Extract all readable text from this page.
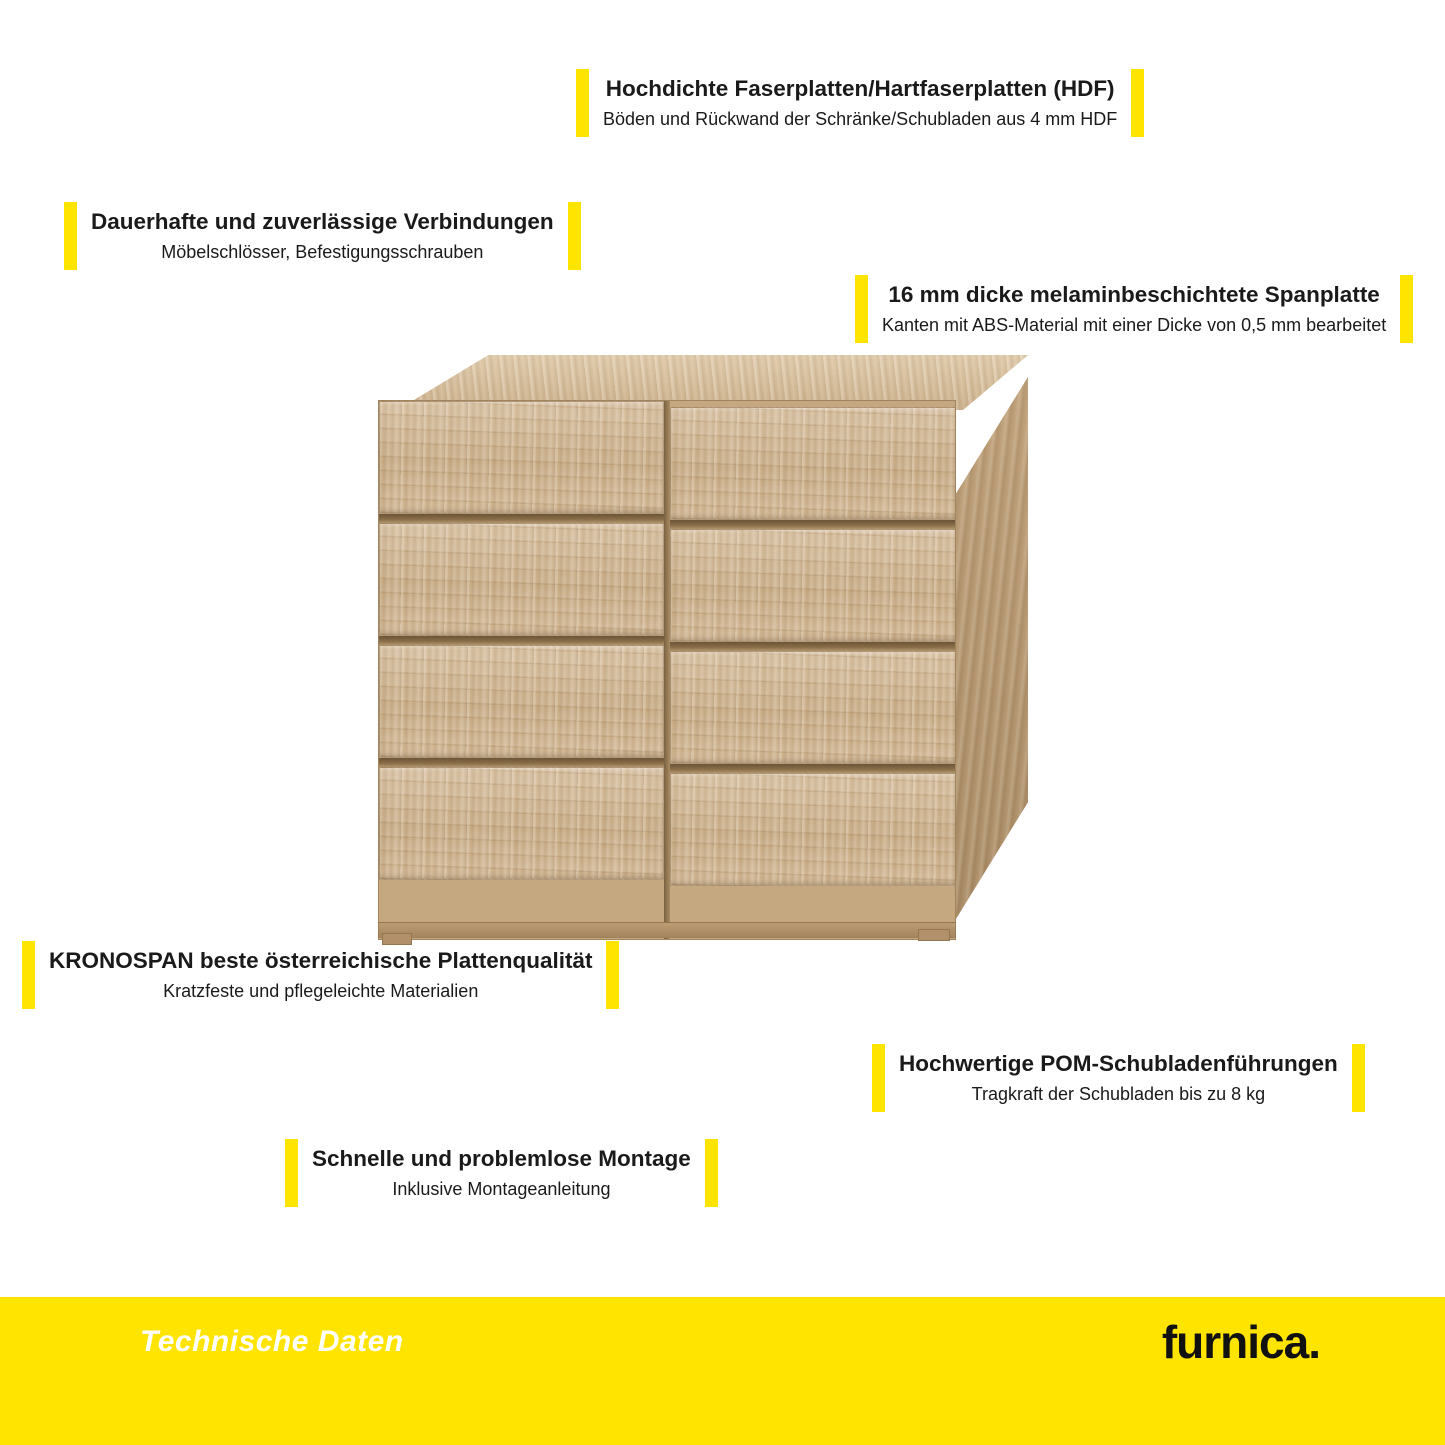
Hochdichte Faserplatten/Hartfaserplatten (HDF)
Böden und Rückwand der Schränke/Schubladen aus 4 mm HDF
Dauerhafte und zuverlässige Verbindungen
Möbelschlösser, Befestigungsschrauben
16 mm dicke melaminbeschichtete Spanplatte
Kanten mit ABS-Material mit einer Dicke von 0,5 mm bearbeitet
KRONOSPAN beste österreichische Plattenqualität
Kratzfeste und pflegeleichte Materialien
Hochwertige POM-Schubladenführungen
Tragkraft der Schubladen bis zu 8 kg
Schnelle und problemlose Montage
Inklusive Montageanleitung
Technische Daten	furnica.
